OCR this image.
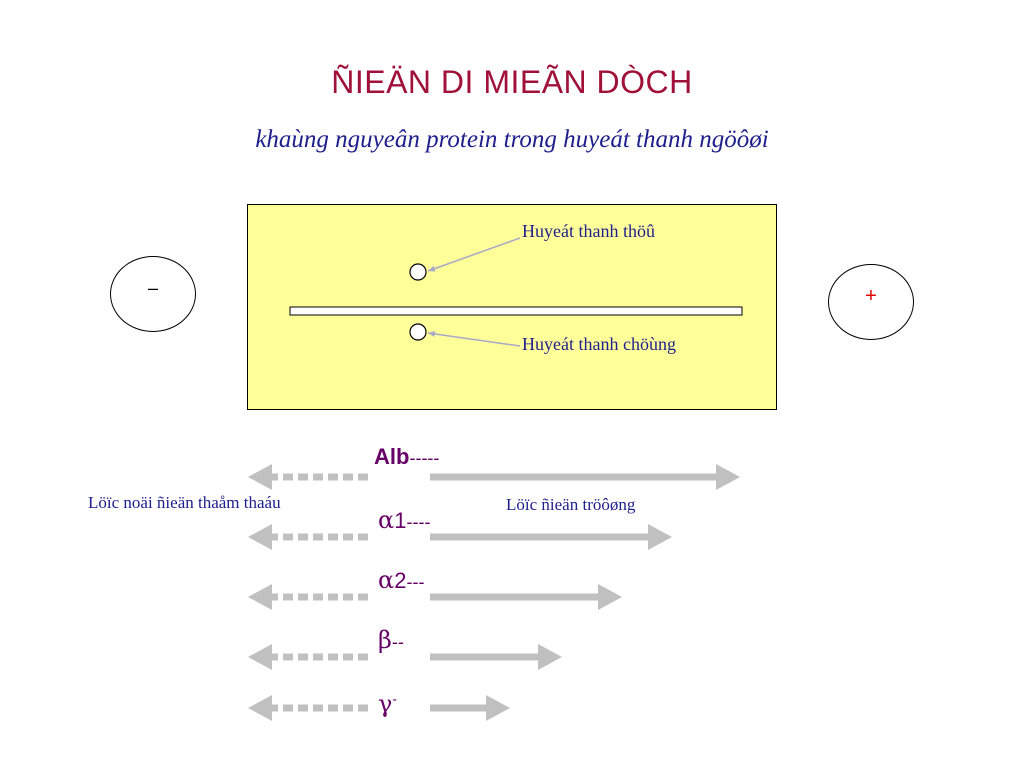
ÑIEÄN DI MIEÃN DÒCH
khaùng nguyeân protein trong huyeát thanh ngöôøi
–	+
Huyeát thanh thöû
Huyeát thanh chöùng
Löïc noäi ñieän thaåm thaáu	Löïc ñieän tröôøng
Alb-----
α1----
α2---
β--
γ-
